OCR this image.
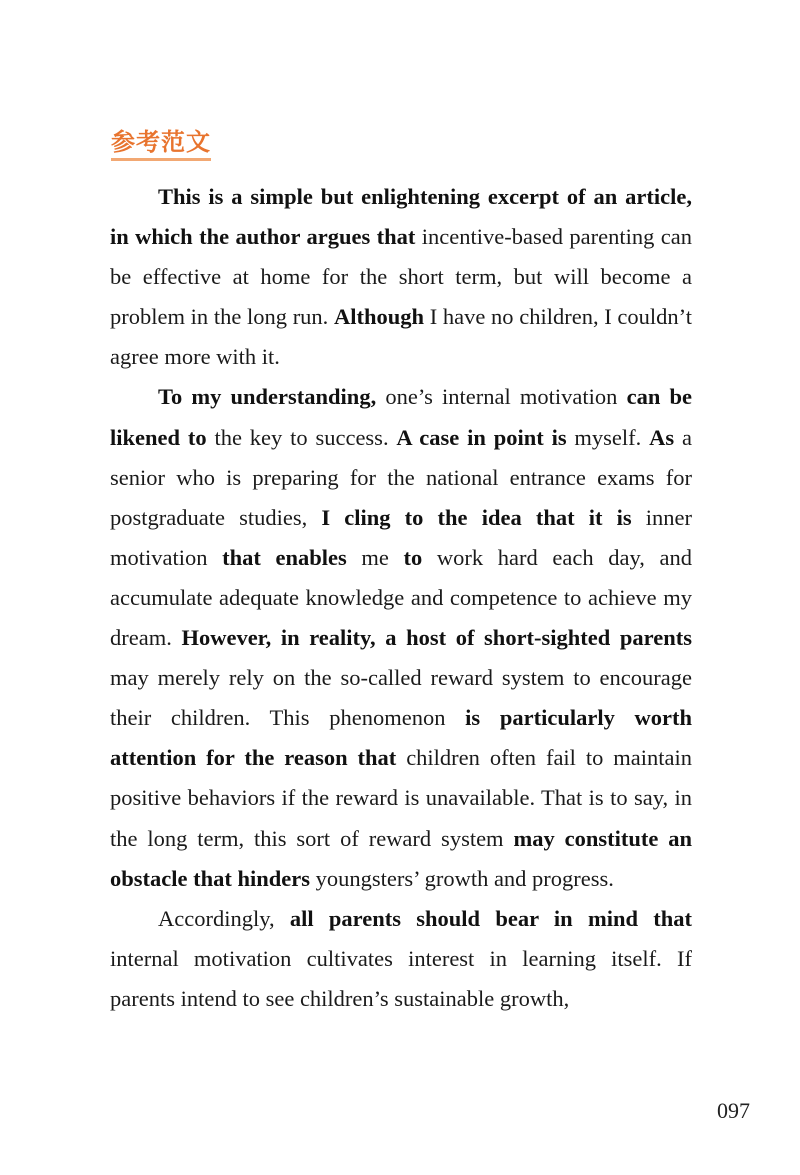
参考范文

This is a simple but enlightening excerpt of an article, in which the author argues that incentive-based parenting can be effective at home for the short term, but will become a problem in the long run. Although I have no children, I couldn’t agree more with it.

To my understanding, one’s internal motivation can be likened to the key to success. A case in point is myself. As a senior who is preparing for the national entrance exams for postgraduate studies, I cling to the idea that it is inner motivation that enables me to work hard each day, and accumulate adequate knowledge and competence to achieve my dream. However, in reality, a host of short-sighted parents may merely rely on the so-called reward system to encourage their children. This phenomenon is particularly worth attention for the reason that children often fail to maintain positive behaviors if the reward is unavailable. That is to say, in the long term, this sort of reward system may constitute an obstacle that hinders youngsters’ growth and progress.

Accordingly, all parents should bear in mind that internal motivation cultivates interest in learning itself. If parents intend to see children’s sustainable growth,

097
